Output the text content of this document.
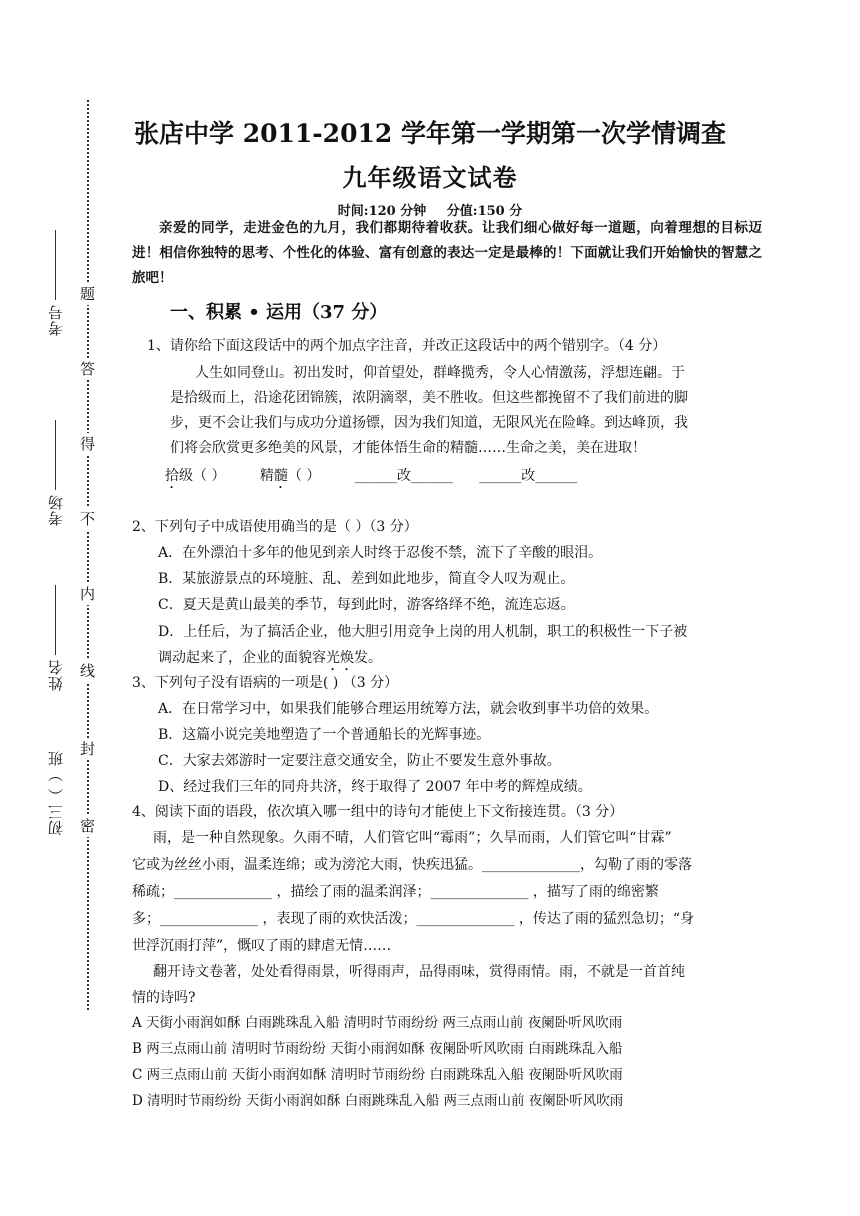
题
答
得
不
内
线
封
密
考号
考场
姓名
初三（ ）班
张店中学 2011-2012 学年第一学期第一次学情调查
九年级语文试卷
时间:120 分钟 分值:150 分
亲爱的同学，走进金色的九月，我们都期待着收获。让我们细心做好每一道题，向着理想的目标迈进！相信你独特的思考、个性化的体验、富有创意的表达一定是最棒的！下面就让我们开始愉快的智慧之旅吧！
一、积累 • 运用（37 分）
1、请你给下面这段话中的两个加点字注音，并改正这段话中的两个错别字。（4 分）
人生如同登山。初出发时，仰首望处，群峰揽秀，令人心情激荡，浮想连翩。于
是拾级而上，沿途花团锦簇，浓阴滴翠，美不胜收。但这些都挽留不了我们前进的脚
步，更不会让我们与成功分道扬镖，因为我们知道，无限风光在险峰。到达峰顶，我
们将会欣赏更多绝美的风景，才能体悟生命的精髓……生命之美，美在进取！
拾级（ ） 精髓（ ） ______改______ ______改______
2、下列句子中成语使用确当的是（ ）（3 分）
A．在外漂泊十多年的他见到亲人时终于忍俊不禁，流下了辛酸的眼泪。
B．某旅游景点的环境脏、乱、差到如此地步，简直令人叹为观止。
C．夏天是黄山最美的季节，每到此时，游客络绎不绝，流连忘返。
D．上任后，为了搞活企业，他大胆引用竞争上岗的用人机制，职工的积极性一下子被
调动起来了，企业的面貌容光焕发。
3、下列句子没有语病的一项是( ) （3 分）
A．在日常学习中，如果我们能够合理运用统筹方法，就会收到事半功倍的效果。
B．这篇小说完美地塑造了一个普通船长的光辉事迹。
C．大家去郊游时一定要注意交通安全，防止不要发生意外事故。
D、经过我们三年的同舟共济，终于取得了 2007 年中考的辉煌成绩。
4、阅读下面的语段，依次填入哪一组中的诗句才能使上下文衔接连贯。（3 分）
雨，是一种自然现象。久雨不晴，人们管它叫“霉雨”；久旱而雨，人们管它叫“甘霖”
它或为丝丝小雨，温柔连绵；或为滂沱大雨，快疾迅猛。______________，勾勒了雨的零落
稀疏；______________ ，描绘了雨的温柔润泽；______________ ，描写了雨的绵密繁
多；______________ ，表现了雨的欢快活泼；______________ ，传达了雨的猛烈急切；“身
世浮沉雨打萍”，慨叹了雨的肆虐无情……
翻开诗文卷著，处处看得雨景，听得雨声，品得雨味，赏得雨情。雨，不就是一首首纯
情的诗吗?
A 天街小雨润如酥 白雨跳珠乱入船 清明时节雨纷纷 两三点雨山前 夜阑卧听风吹雨
B 两三点雨山前 清明时节雨纷纷 天街小雨润如酥 夜阑卧听风吹雨 白雨跳珠乱入船
C 两三点雨山前 天街小雨润如酥 清明时节雨纷纷 白雨跳珠乱入船 夜阑卧听风吹雨
D 清明时节雨纷纷 天街小雨润如酥 白雨跳珠乱入船 两三点雨山前 夜阑卧听风吹雨
